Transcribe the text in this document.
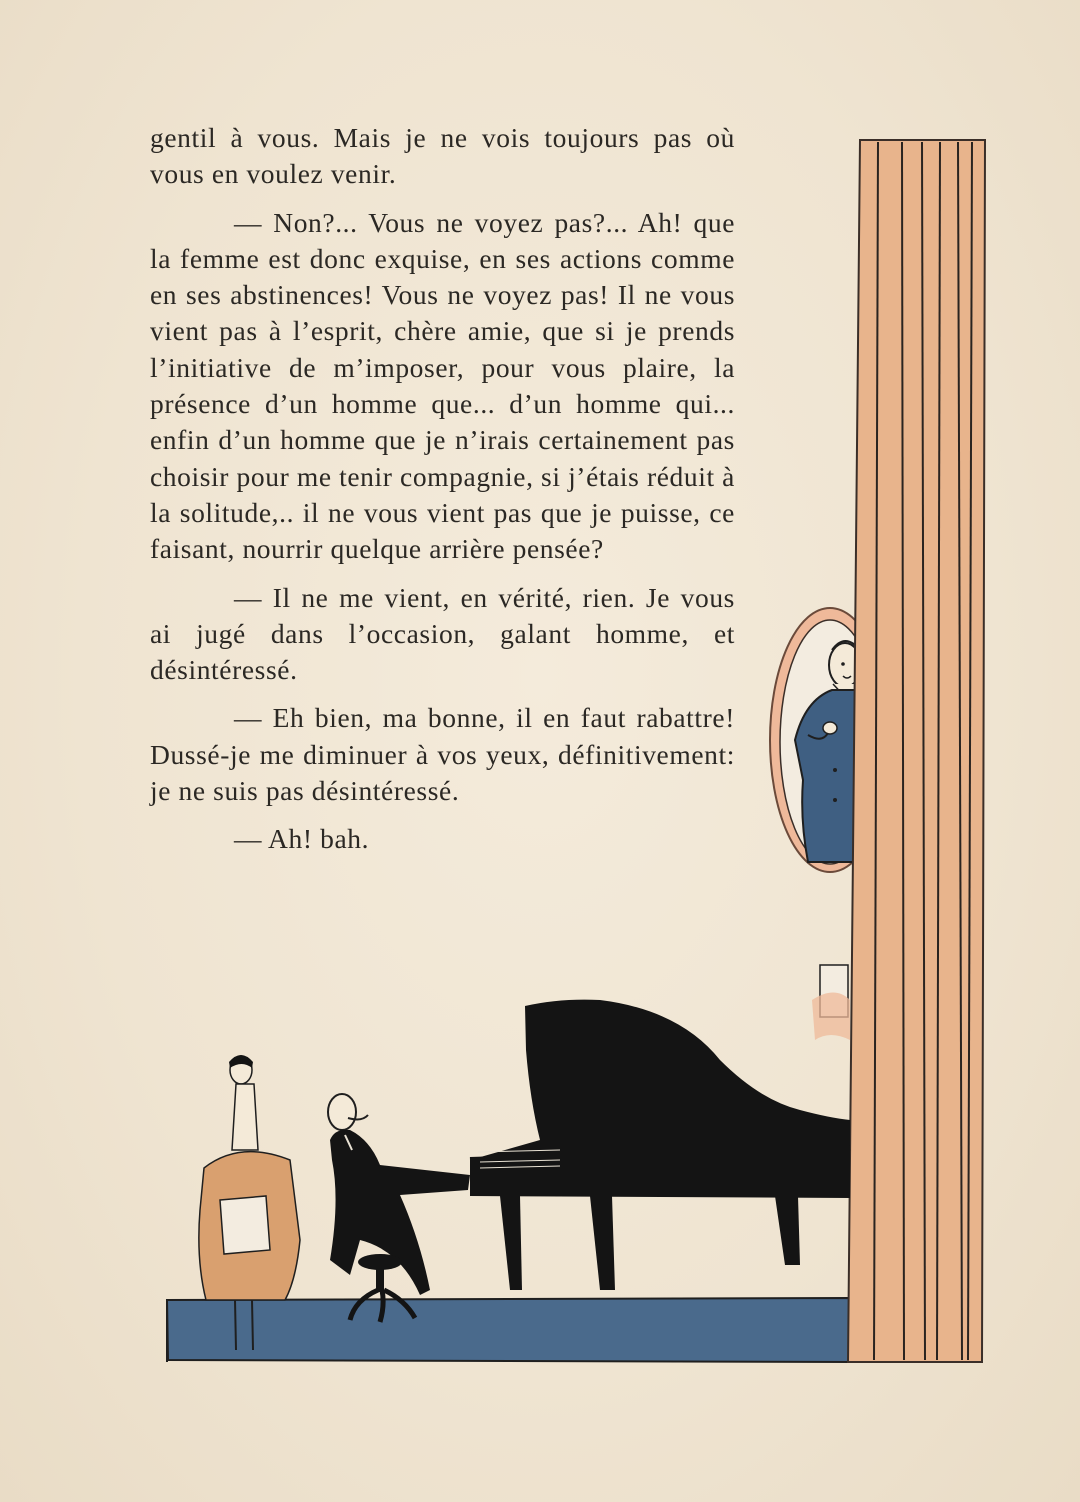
gentil à vous. Mais je ne vois toujours pas où vous en voulez venir.

— Non?... Vous ne voyez pas?... Ah! que la femme est donc exquise, en ses actions comme en ses abstinences! Vous ne voyez pas! Il ne vous vient pas à l’esprit, chère amie, que si je prends l’initiative de m’imposer, pour vous plaire, la présence d’un homme que... d’un homme qui... enfin d’un homme que je n’irais certainement pas choisir pour me tenir compagnie, si j’étais réduit à la solitude,.. il ne vous vient pas que je puisse, ce faisant, nourrir quelque arrière pensée?

— Il ne me vient, en vérité, rien. Je vous ai jugé dans l’occasion, galant homme, et désintéressé.

— Eh bien, ma bonne, il en faut rabattre! Dussé-je me diminuer à vos yeux, définitivement: je ne suis pas désintéressé.

— Ah! bah.
